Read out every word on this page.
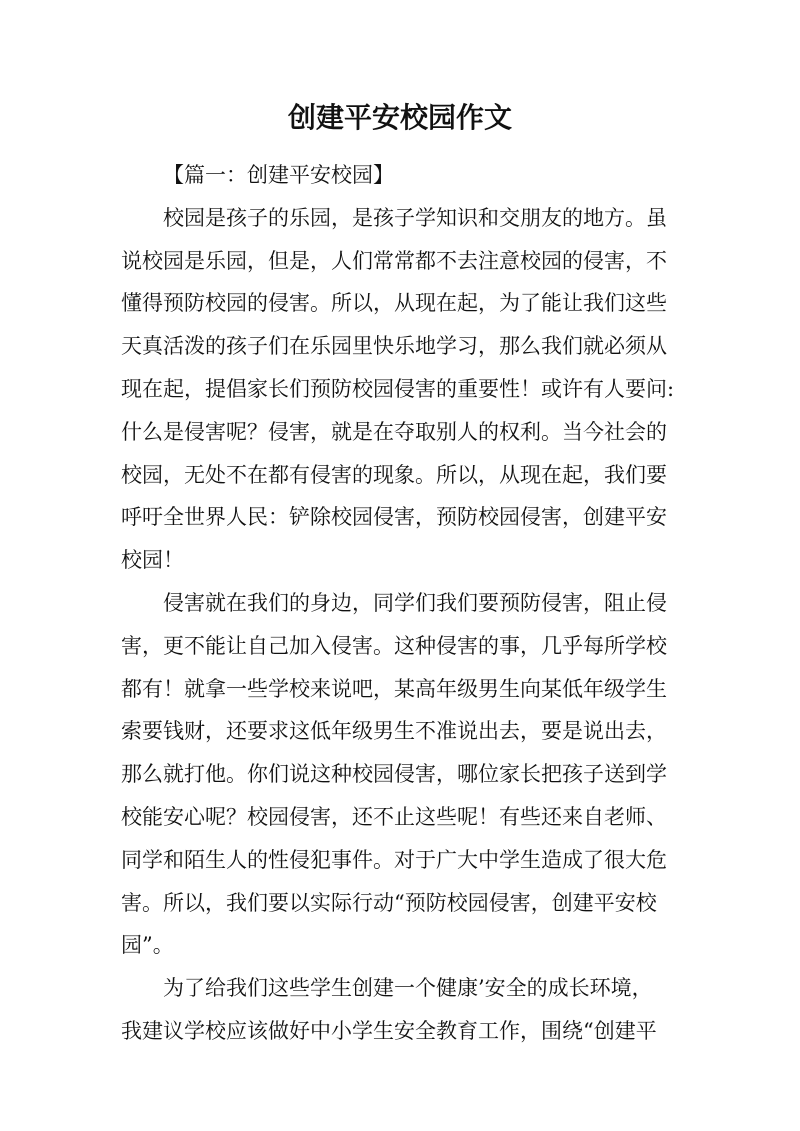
创建平安校园作文
【篇一：创建平安校园】
校园是孩子的乐园，是孩子学知识和交朋友的地方。虽
说校园是乐园，但是，人们常常都不去注意校园的侵害，不
懂得预防校园的侵害。所以，从现在起，为了能让我们这些
天真活泼的孩子们在乐园里快乐地学习，那么我们就必须从
现在起，提倡家长们预防校园侵害的重要性！或许有人要问:
什么是侵害呢？侵害，就是在夺取别人的权利。当今社会的
校园，无处不在都有侵害的现象。所以，从现在起，我们要
呼吁全世界人民：铲除校园侵害，预防校园侵害，创建平安
校园！
侵害就在我们的身边，同学们我们要预防侵害，阻止侵
害，更不能让自己加入侵害。这种侵害的事，几乎每所学校
都有！就拿一些学校来说吧，某高年级男生向某低年级学生
索要钱财，还要求这低年级男生不准说出去，要是说出去，
那么就打他。你们说这种校园侵害，哪位家长把孩子送到学
校能安心呢？校园侵害，还不止这些呢！有些还来自老师、
同学和陌生人的性侵犯事件。对于广大中学生造成了很大危
害。所以，我们要以实际行动“预防校园侵害，创建平安校
园”。
为了给我们这些学生创建一个健康’安全的成长环境，
我建议学校应该做好中小学生安全教育工作，围绕“创建平
